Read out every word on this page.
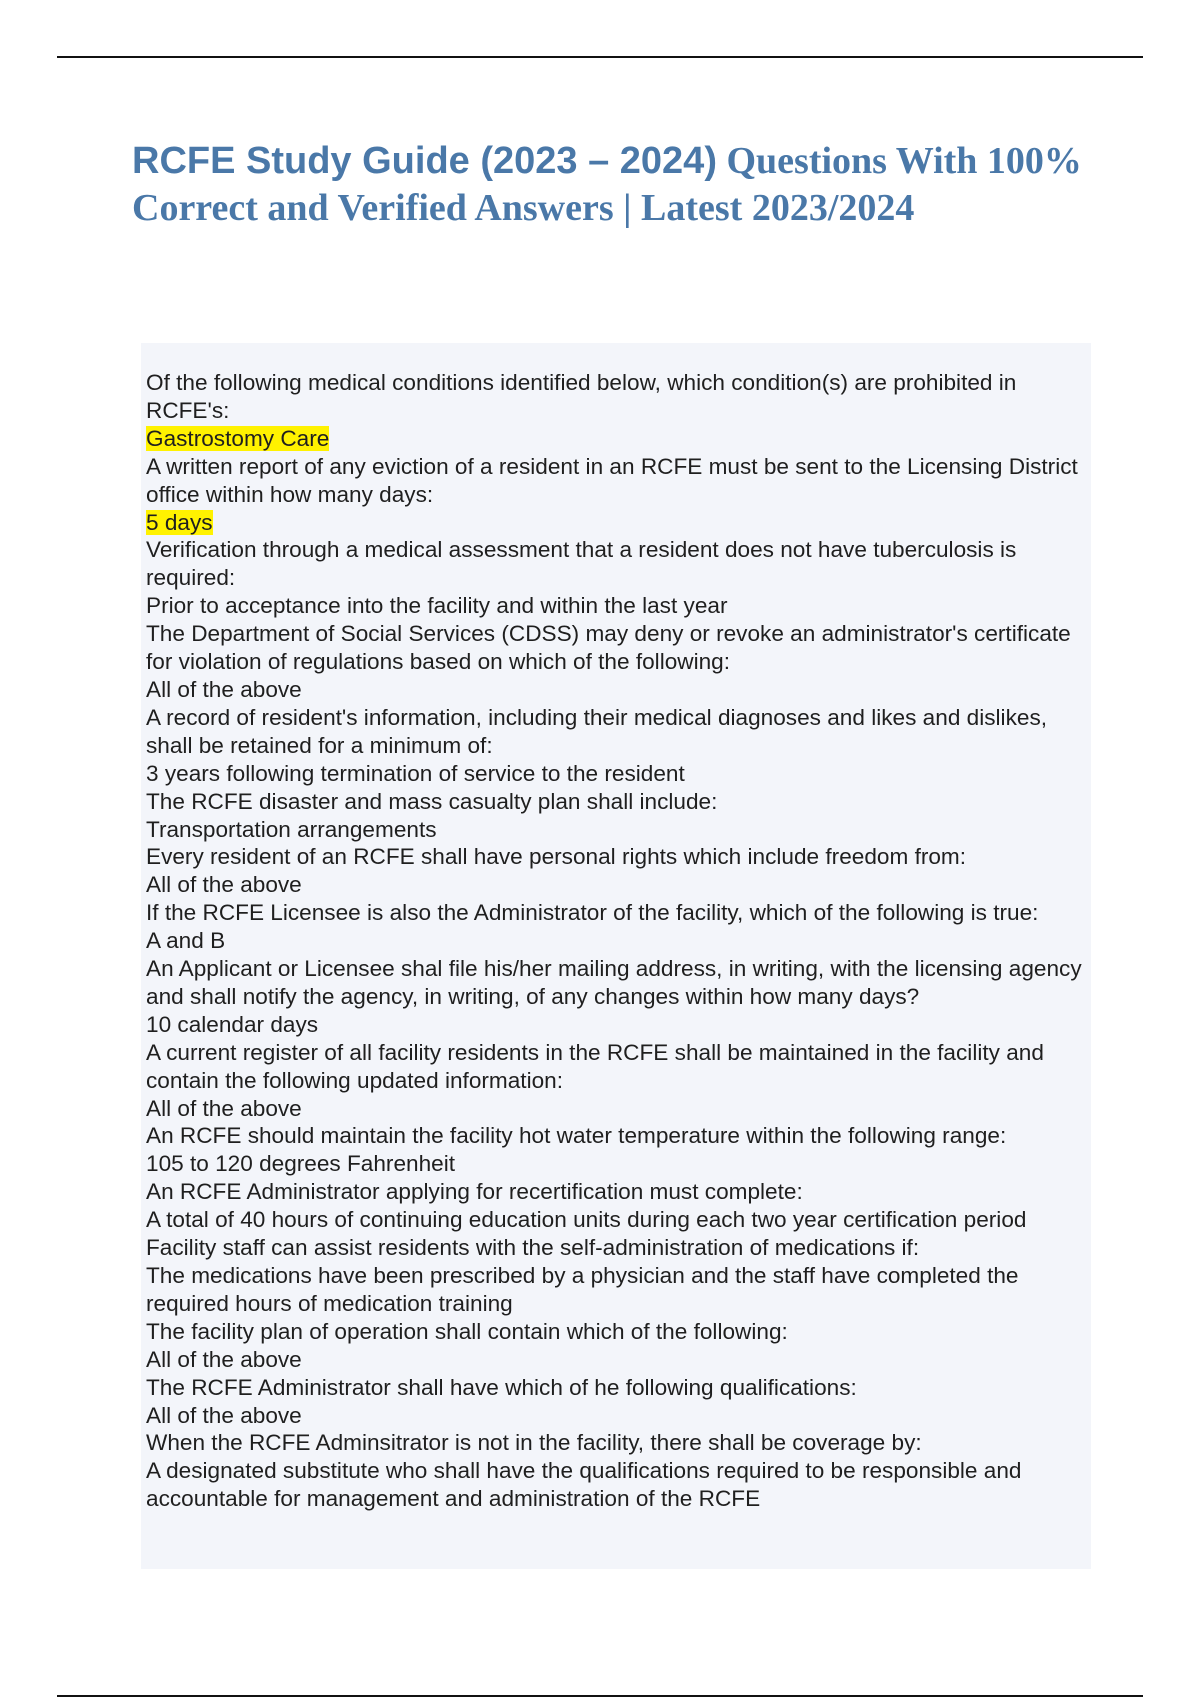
RCFE Study Guide (2023 – 2024) Questions With 100% Correct and Verified Answers | Latest 2023/2024

Of the following medical conditions identified below, which condition(s) are prohibited in RCFE's:

Gastrostomy Care

A written report of any eviction of a resident in an RCFE must be sent to the Licensing District office within how many days:

5 days

Verification through a medical assessment that a resident does not have tuberculosis is required:

Prior to acceptance into the facility and within the last year

The Department of Social Services (CDSS) may deny or revoke an administrator's certificate for violation of regulations based on which of the following:

All of the above

A record of resident's information, including their medical diagnoses and likes and dislikes, shall be retained for a minimum of:

3 years following termination of service to the resident

The RCFE disaster and mass casualty plan shall include:

Transportation arrangements

Every resident of an RCFE shall have personal rights which include freedom from:

All of the above

If the RCFE Licensee is also the Administrator of the facility, which of the following is true:

A and B

An Applicant or Licensee shal file his/her mailing address, in writing, with the licensing agency and shall notify the agency, in writing, of any changes within how many days?

10 calendar days

A current register of all facility residents in the RCFE shall be maintained in the facility and contain the following updated information:

All of the above

An RCFE should maintain the facility hot water temperature within the following range:

105 to 120 degrees Fahrenheit

An RCFE Administrator applying for recertification must complete:

A total of 40 hours of continuing education units during each two year certification period

Facility staff can assist residents with the self-administration of medications if:

The medications have been prescribed by a physician and the staff have completed the required hours of medication training

The facility plan of operation shall contain which of the following:

All of the above

The RCFE Administrator shall have which of he following qualifications:

All of the above

When the RCFE Adminsitrator is not in the facility, there shall be coverage by:

A designated substitute who shall have the qualifications required to be responsible and accountable for management and administration of the RCFE
